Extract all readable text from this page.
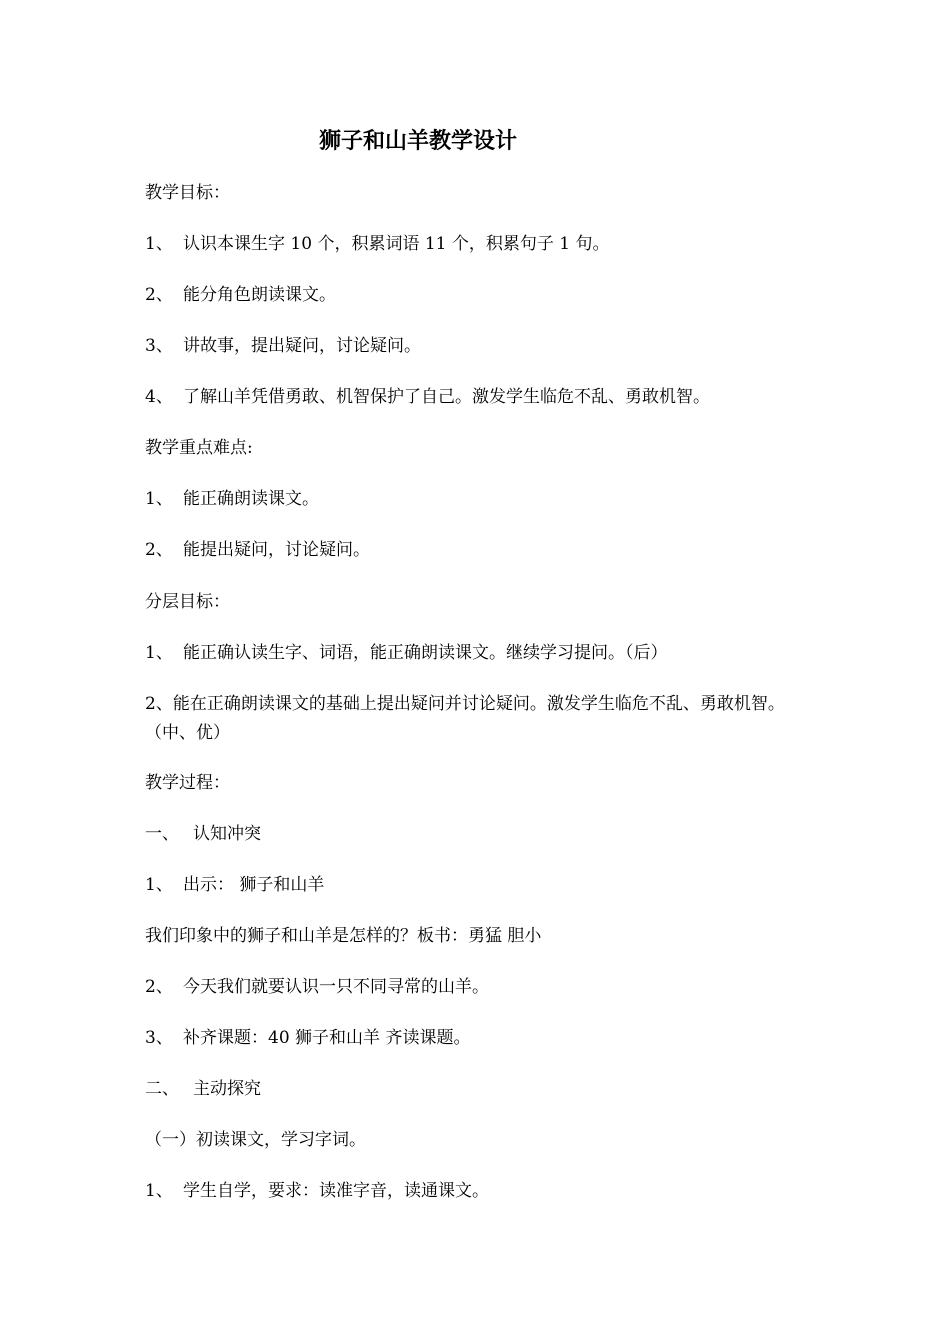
狮子和山羊教学设计

教学目标：

1、 认识本课生字 10 个，积累词语 11 个，积累句子 1 句。

2、 能分角色朗读课文。

3、 讲故事，提出疑问，讨论疑问。

4、 了解山羊凭借勇敢、机智保护了自己。激发学生临危不乱、勇敢机智。

教学重点难点:

1、 能正确朗读课文。

2、 能提出疑问，讨论疑问。

分层目标：

1、 能正确认读生字、词语，能正确朗读课文。继续学习提问。（后）

2、能在正确朗读课文的基础上提出疑问并讨论疑问。激发学生临危不乱、勇敢机智。（中、优）

教学过程：

一、 认知冲突

1、 出示： 狮子和山羊

我们印象中的狮子和山羊是怎样的？板书：勇猛 胆小

2、 今天我们就要认识一只不同寻常的山羊。

3、 补齐课题：40 狮子和山羊 齐读课题。

二、 主动探究

（一）初读课文，学习字词。

1、 学生自学，要求：读准字音，读通课文。
